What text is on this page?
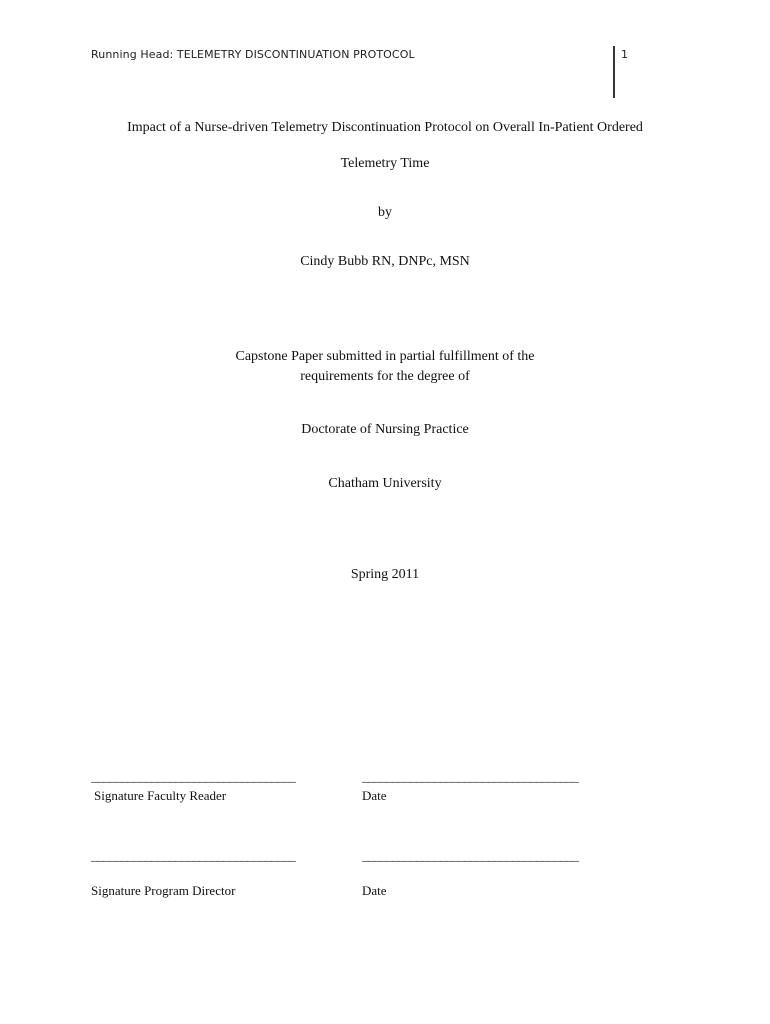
Running Head: TELEMETRY DISCONTINUATION PROTOCOL	1
Impact of a Nurse-driven Telemetry Discontinuation Protocol on Overall In-Patient Ordered
Telemetry Time
by
Cindy Bubb RN, DNPc, MSN
Capstone Paper submitted in partial fulfillment of the
requirements for the degree of
Doctorate of Nursing Practice
Chatham University
Spring 2011
__________________________________
Signature Faculty Reader
____________________________________
Date
__________________________________
Signature Program Director
____________________________________
Date
